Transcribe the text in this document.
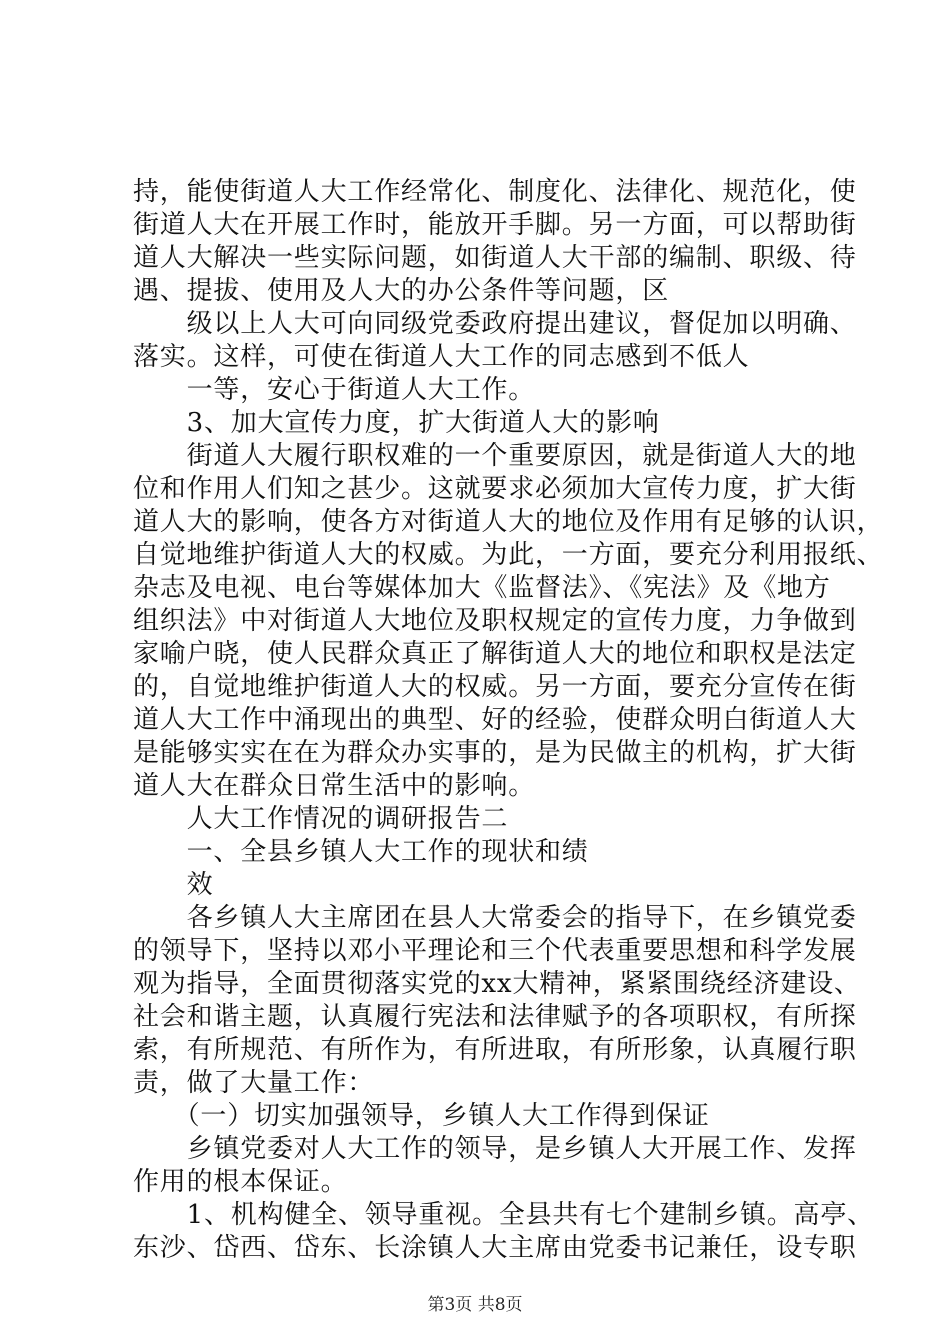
持，能使街道人大工作经常化、制度化、法律化、规范化，使
街道人大在开展工作时，能放开手脚。另一方面，可以帮助街
道人大解决一些实际问题，如街道人大干部的编制、职级、待
遇、提拔、使用及人大的办公条件等问题，区
　　级以上人大可向同级党委政府提出建议，督促加以明确、
落实。这样，可使在街道人大工作的同志感到不低人
　　一等，安心于街道人大工作。
　　3、加大宣传力度，扩大街道人大的影响
　　街道人大履行职权难的一个重要原因，就是街道人大的地
位和作用人们知之甚少。这就要求必须加大宣传力度，扩大街
道人大的影响，使各方对街道人大的地位及作用有足够的认识，
自觉地维护街道人大的权威。为此，一方面，要充分利用报纸、
杂志及电视、电台等媒体加大《监督法》、《宪法》及《地方
组织法》中对街道人大地位及职权规定的宣传力度，力争做到
家喻户晓，使人民群众真正了解街道人大的地位和职权是法定
的，自觉地维护街道人大的权威。另一方面，要充分宣传在街
道人大工作中涌现出的典型、好的经验，使群众明白街道人大
是能够实实在在为群众办实事的，是为民做主的机构，扩大街
道人大在群众日常生活中的影响。
　　人大工作情况的调研报告二
　　一、全县乡镇人大工作的现状和绩
　　效
　　各乡镇人大主席团在县人大常委会的指导下，在乡镇党委
的领导下，坚持以邓小平理论和三个代表重要思想和科学发展
观为指导，全面贯彻落实党的xx大精神，紧紧围绕经济建设、
社会和谐主题，认真履行宪法和法律赋予的各项职权，有所探
索，有所规范、有所作为，有所进取，有所形象，认真履行职
责，做了大量工作：
　　（一）切实加强领导，乡镇人大工作得到保证
　　乡镇党委对人大工作的领导，是乡镇人大开展工作、发挥
作用的根本保证。
　　1、机构健全、领导重视。全县共有七个建制乡镇。高亭、
东沙、岱西、岱东、长涂镇人大主席由党委书记兼任，设专职
第3页 共8页
